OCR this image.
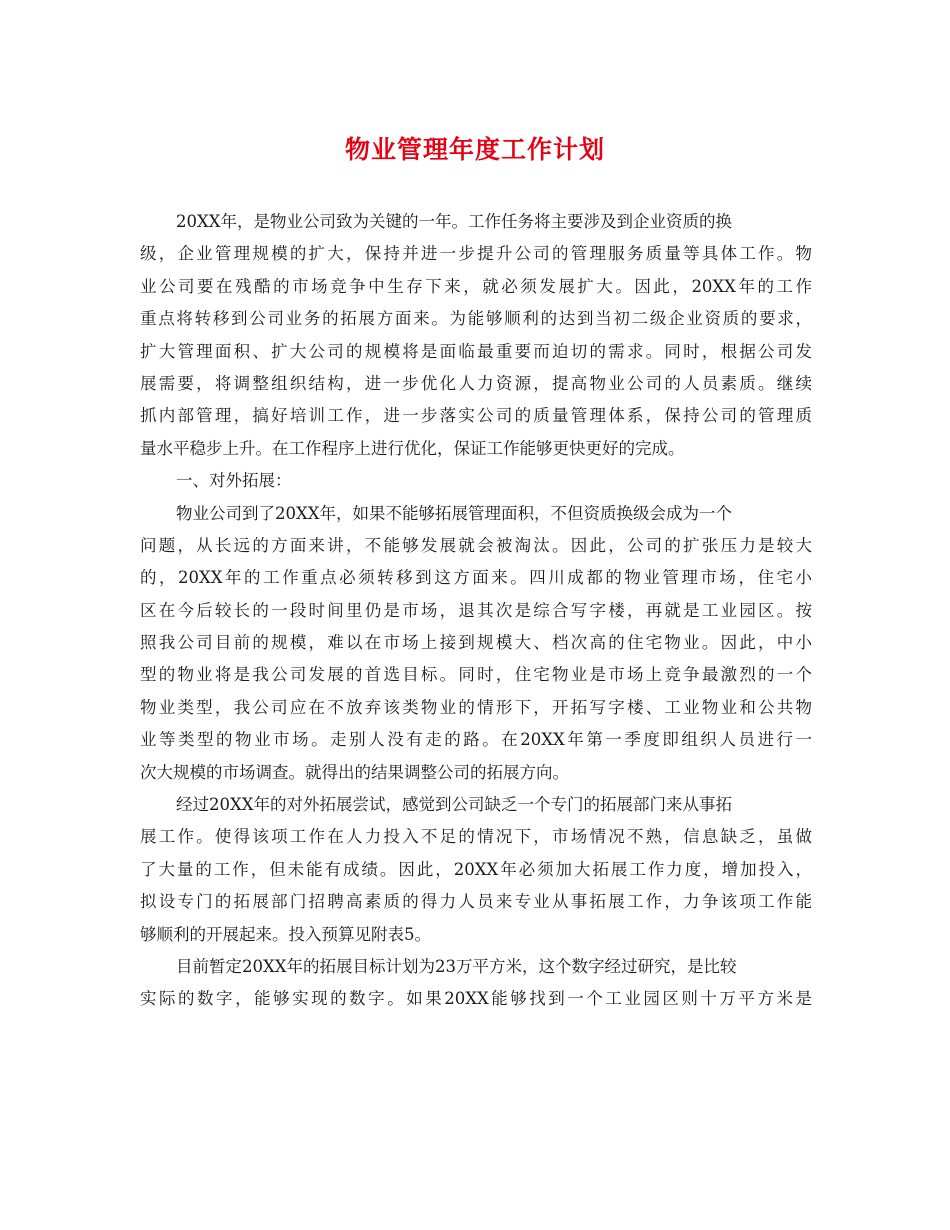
物业管理年度工作计划
20XX年，是物业公司致为关键的一年。工作任务将主要涉及到企业资质的换
级，企业管理规模的扩大，保持并进一步提升公司的管理服务质量等具体工作。物
业公司要在残酷的市场竞争中生存下来，就必须发展扩大。因此，20XX年的工作
重点将转移到公司业务的拓展方面来。为能够顺利的达到当初二级企业资质的要求，
扩大管理面积、扩大公司的规模将是面临最重要而迫切的需求。同时，根据公司发
展需要，将调整组织结构，进一步优化人力资源，提高物业公司的人员素质。继续
抓内部管理，搞好培训工作，进一步落实公司的质量管理体系，保持公司的管理质
量水平稳步上升。在工作程序上进行优化，保证工作能够更快更好的完成。
一、对外拓展：
物业公司到了20XX年，如果不能够拓展管理面积，不但资质换级会成为一个
问题，从长远的方面来讲，不能够发展就会被淘汰。因此，公司的扩张压力是较大
的，20XX年的工作重点必须转移到这方面来。四川成都的物业管理市场，住宅小
区在今后较长的一段时间里仍是市场，退其次是综合写字楼，再就是工业园区。按
照我公司目前的规模，难以在市场上接到规模大、档次高的住宅物业。因此，中小
型的物业将是我公司发展的首选目标。同时，住宅物业是市场上竞争最激烈的一个
物业类型，我公司应在不放弃该类物业的情形下，开拓写字楼、工业物业和公共物
业等类型的物业市场。走别人没有走的路。在20XX年第一季度即组织人员进行一
次大规模的市场调查。就得出的结果调整公司的拓展方向。
经过20XX年的对外拓展尝试，感觉到公司缺乏一个专门的拓展部门来从事拓
展工作。使得该项工作在人力投入不足的情况下，市场情况不熟，信息缺乏，虽做
了大量的工作，但未能有成绩。因此，20XX年必须加大拓展工作力度，增加投入，
拟设专门的拓展部门招聘高素质的得力人员来专业从事拓展工作，力争该项工作能
够顺利的开展起来。投入预算见附表5。
目前暂定20XX年的拓展目标计划为23万平方米，这个数字经过研究，是比较
实际的数字，能够实现的数字。如果20XX能够找到一个工业园区则十万平方米是
